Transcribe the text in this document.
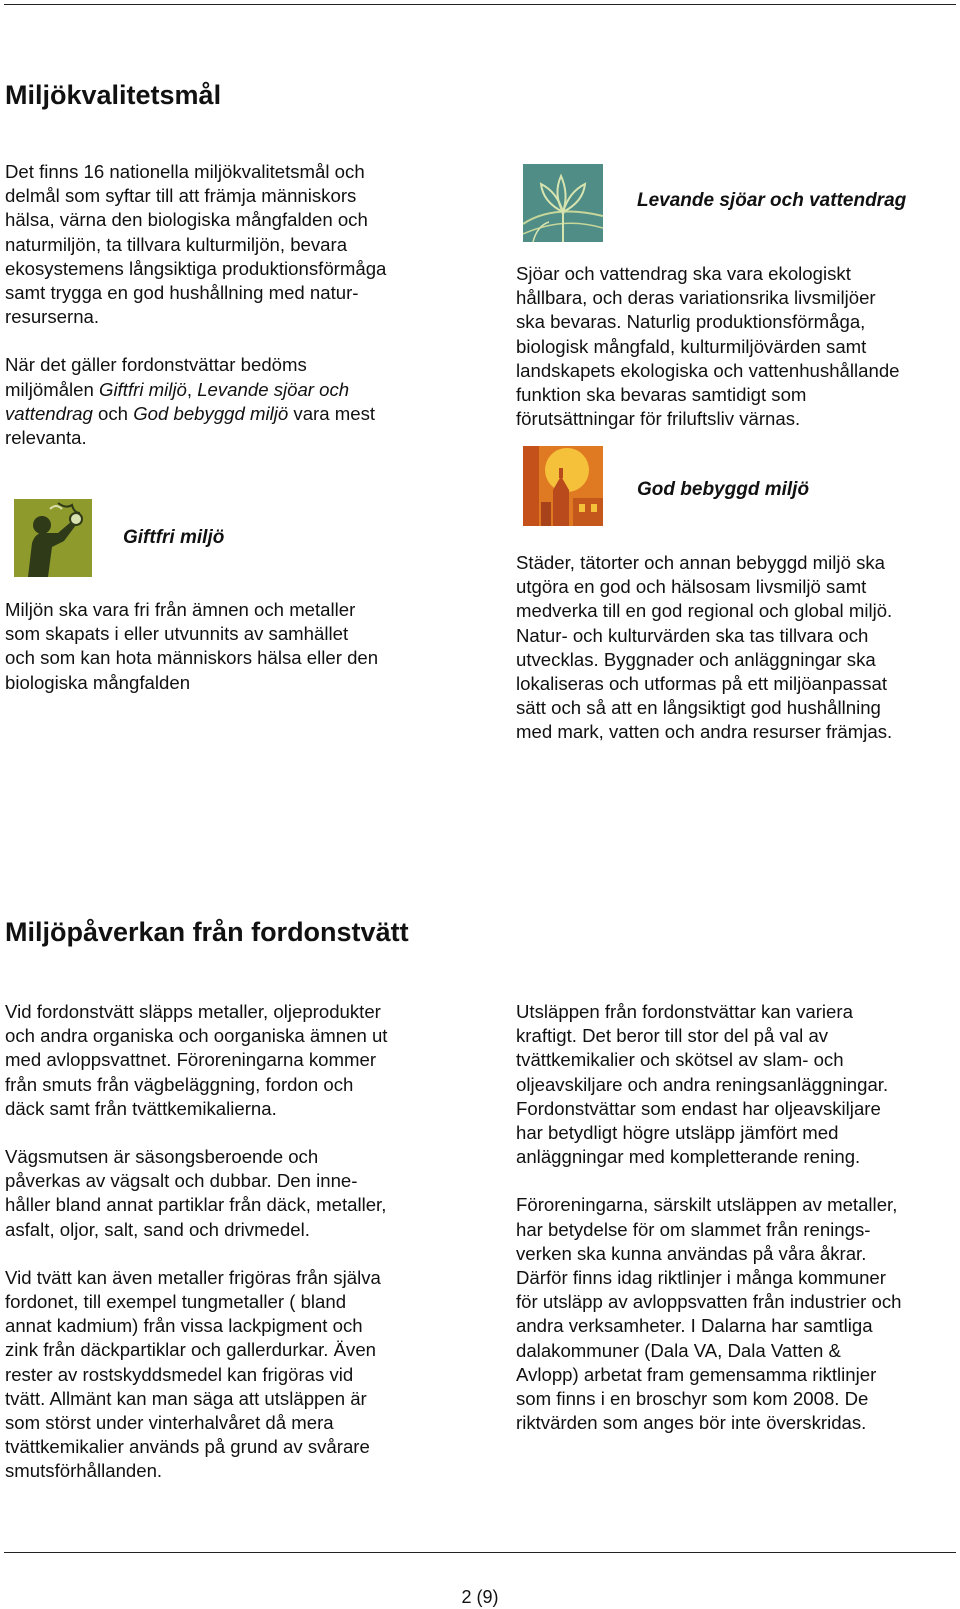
Miljökvalitetsmål

Det finns 16 nationella miljökvalitetsmål och
delmål som syftar till att främja människors
hälsa, värna den biologiska mångfalden och
naturmiljön, ta tillvara kulturmiljön, bevara
ekosystemens långsiktiga produktionsförmåga
samt trygga en god hushållning med natur-
resurserna.

När det gäller fordonstvättar bedöms
miljömålen Giftfri miljö, Levande sjöar och
vattendrag och God bebyggd miljö vara mest
relevanta.

Giftfri miljö

Miljön ska vara fri från ämnen och metaller
som skapats i eller utvunnits av samhället
och som kan hota människors hälsa eller den
biologiska mångfalden

Levande sjöar och vattendrag

Sjöar och vattendrag ska vara ekologiskt
hållbara, och deras variationsrika livsmiljöer
ska bevaras. Naturlig produktionsförmåga,
biologisk mångfald, kulturmiljövärden samt
landskapets ekologiska och vattenhushållande
funktion ska bevaras samtidigt som
förutsättningar för friluftsliv värnas.

God bebyggd miljö

Städer, tätorter och annan bebyggd miljö ska
utgöra en god och hälsosam livsmiljö samt
medverka till en god regional och global miljö.
Natur- och kulturvärden ska tas tillvara och
utvecklas. Byggnader och anläggningar ska
lokaliseras och utformas på ett miljöanpassat
sätt och så att en långsiktigt god hushållning
med mark, vatten och andra resurser främjas.

Miljöpåverkan från fordonstvätt

Vid fordonstvätt släpps metaller, oljeprodukter
och andra organiska och oorganiska ämnen ut
med avloppsvattnet. Föroreningarna kommer
från smuts från vägbeläggning, fordon och
däck samt från tvättkemikalierna.

Vägsmutsen är säsongsberoende och
påverkas av vägsalt och dubbar. Den inne-
håller bland annat partiklar från däck, metaller,
asfalt, oljor, salt, sand och drivmedel.

Vid tvätt kan även metaller frigöras från själva
fordonet, till exempel tungmetaller ( bland
annat kadmium) från vissa lackpigment och
zink från däckpartiklar och gallerdurkar. Även
rester av rostskyddsmedel kan frigöras vid
tvätt. Allmänt kan man säga att utsläppen är
som störst under vinterhalvåret då mera
tvättkemikalier används på grund av svårare
smutsförhållanden.

Utsläppen från fordonstvättar kan variera
kraftigt. Det beror till stor del på val av
tvättkemikalier och skötsel av slam- och
oljeavskiljare och andra reningsanläggningar.
Fordonstvättar som endast har oljeavskiljare
har betydligt högre utsläpp jämfört med
anläggningar med kompletterande rening.

Föroreningarna, särskilt utsläppen av metaller,
har betydelse för om slammet från renings-
verken ska kunna användas på våra åkrar.
Därför finns idag riktlinjer i många kommuner
för utsläpp av avloppsvatten från industrier och
andra verksamheter. I Dalarna har samtliga
dalakommuner (Dala VA, Dala Vatten &
Avlopp) arbetat fram gemensamma riktlinjer
som finns i en broschyr som kom 2008. De
riktvärden som anges bör inte överskridas.

2 (9)
